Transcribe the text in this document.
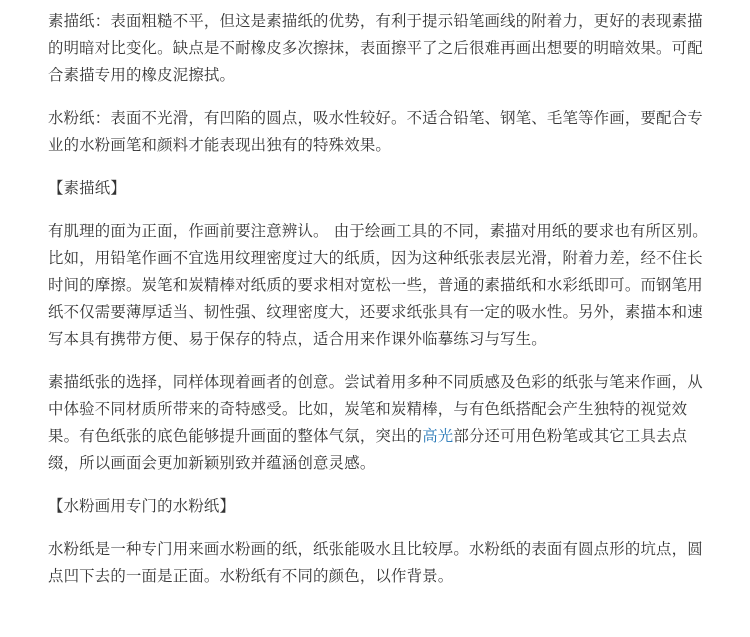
素描纸：表面粗糙不平，但这是素描纸的优势，有利于提示铅笔画线的附着力，更好的表现素描的明暗对比变化。缺点是不耐橡皮多次擦抹，表面擦平了之后很难再画出想要的明暗效果。可配合素描专用的橡皮泥擦拭。

水粉纸：表面不光滑，有凹陷的圆点，吸水性较好。不适合铅笔、钢笔、毛笔等作画，要配合专业的水粉画笔和颜料才能表现出独有的特殊效果。

【素描纸】

有肌理的面为正面，作画前要注意辨认。 由于绘画工具的不同，素描对用纸的要求也有所区别。比如，用铅笔作画不宜选用纹理密度过大的纸质，因为这种纸张表层光滑，附着力差，经不住长时间的摩擦。炭笔和炭精棒对纸质的要求相对宽松一些，普通的素描纸和水彩纸即可。而钢笔用纸不仅需要薄厚适当、韧性强、纹理密度大，还要求纸张具有一定的吸水性。另外，素描本和速写本具有携带方便、易于保存的特点，适合用来作课外临摹练习与写生。

素描纸张的选择，同样体现着画者的创意。尝试着用多种不同质感及色彩的纸张与笔来作画，从中体验不同材质所带来的奇特感受。比如，炭笔和炭精棒，与有色纸搭配会产生独特的视觉效果。有色纸张的底色能够提升画面的整体气氛，突出的高光部分还可用色粉笔或其它工具去点缀，所以画面会更加新颖别致并蕴涵创意灵感。

【水粉画用专门的水粉纸】

水粉纸是一种专门用来画水粉画的纸，纸张能吸水且比较厚。水粉纸的表面有圆点形的坑点，圆点凹下去的一面是正面。水粉纸有不同的颜色，以作背景。
